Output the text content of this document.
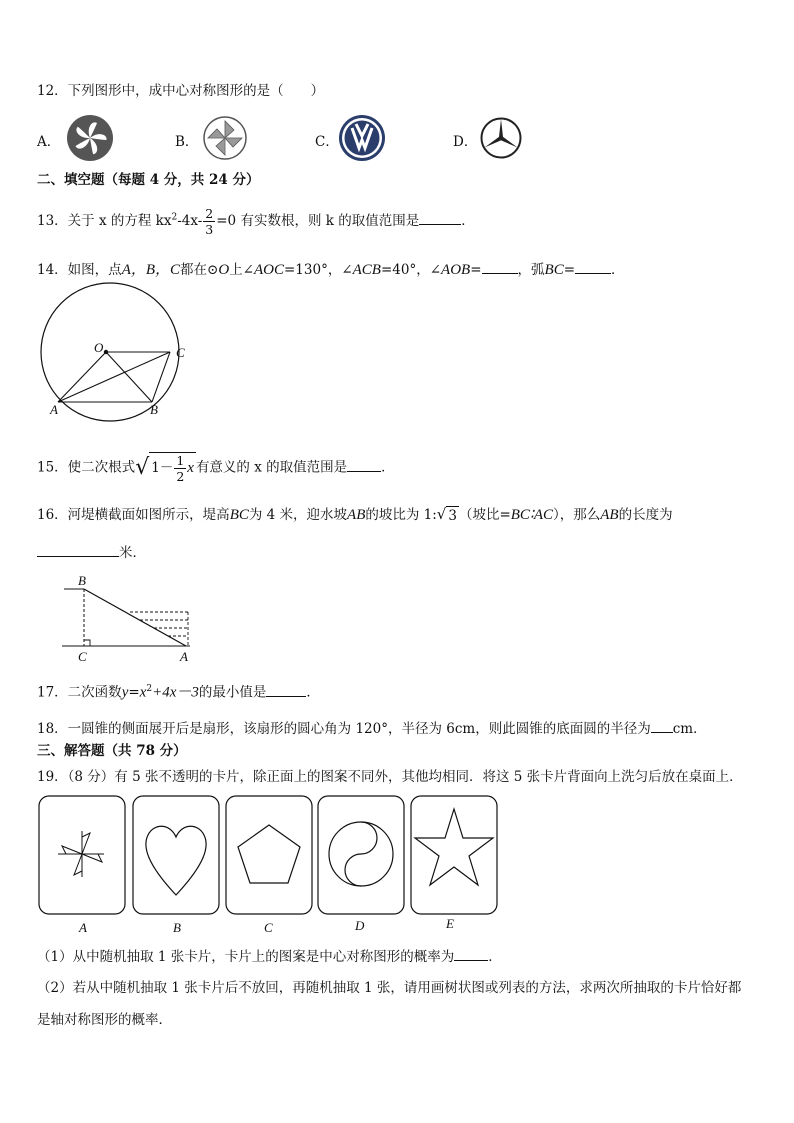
12．下列图形中，成中心对称图形的是（　　）
A．	B．	C．	D．
二、填空题（每题 4 分，共 24 分）
13．关于 x 的方程 $kx^2-4x- \frac{2}{3} =0$ 有实数根，则 k 的取值范围是	．
14．如图，点A，B，C都在⊙O上∠AOC=130°，∠ACB=40°，∠AOB=	，弧BC=	．
O	C
A	B
15．使二次根式√ $1- \frac{1}{2}$ x 有意义的 x 的取值范围是	．
16．河堤横截面如图所示，堤高BC为 4 米，迎水坡AB的坡比为 1:√ 3 （坡比=BC∶AC），那么AB的长度为
米．
B
C	A
17．二次函数$y=x^2+4x-3$的最小值是	．
18．一圆锥的侧面展开后是扇形，该扇形的圆心角为 120°，半径为 6cm，则此圆锥的底面圆的半径为 cm．
三、解答题（共 78 分）
19．（8 分）有 5 张不透明的卡片，除正面上的图案不同外，其他均相同．将这 5 张卡片背面向上洗匀后放在桌面上．
A	B	C	D	E
（1）从中随机抽取 1 张卡片，卡片上的图案是中心对称图形的概率为	．
（2）若从中随机抽取 1 张卡片后不放回，再随机抽取 1 张，请用画树状图或列表的方法，求两次所抽取的卡片恰好都
是轴对称图形的概率．
